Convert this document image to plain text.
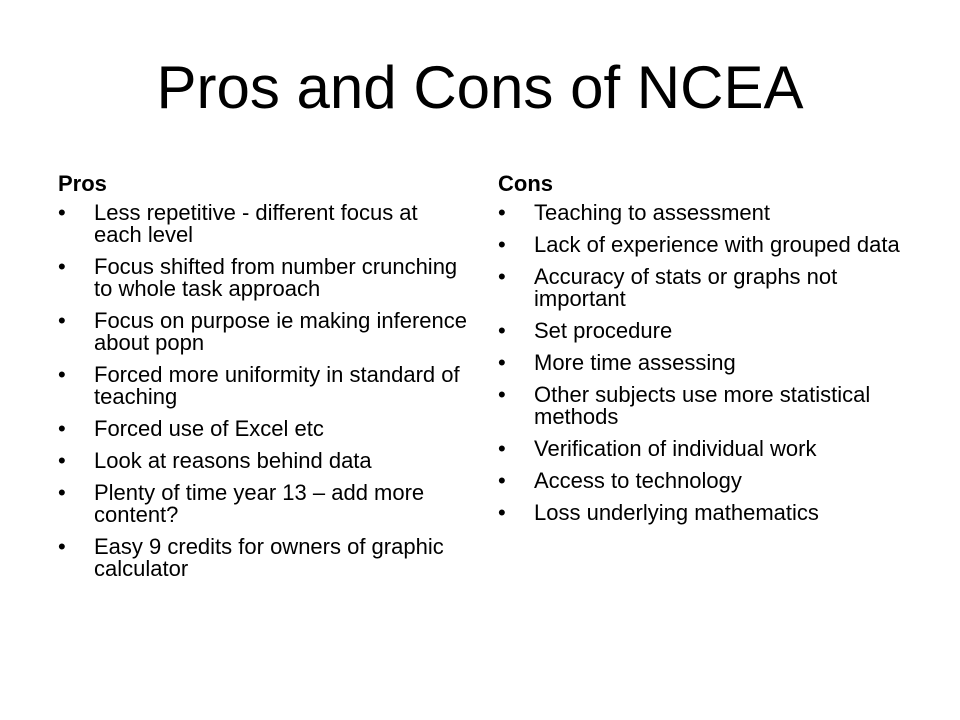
Pros and Cons of NCEA
Pros
• Less repetitive - different focus at each level
• Focus shifted from number crunching to whole task approach
• Focus on purpose ie making inference about popn
• Forced more uniformity in standard of teaching
• Forced use of Excel etc
• Look at reasons behind data
• Plenty of time year 13 – add more content?
• Easy 9 credits for owners of graphic calculator
Cons
• Teaching to assessment
• Lack of experience with grouped data
• Accuracy of stats or graphs not important
• Set procedure
• More time assessing
• Other subjects use more statistical methods
• Verification of individual work
• Access to technology
• Loss underlying mathematics
